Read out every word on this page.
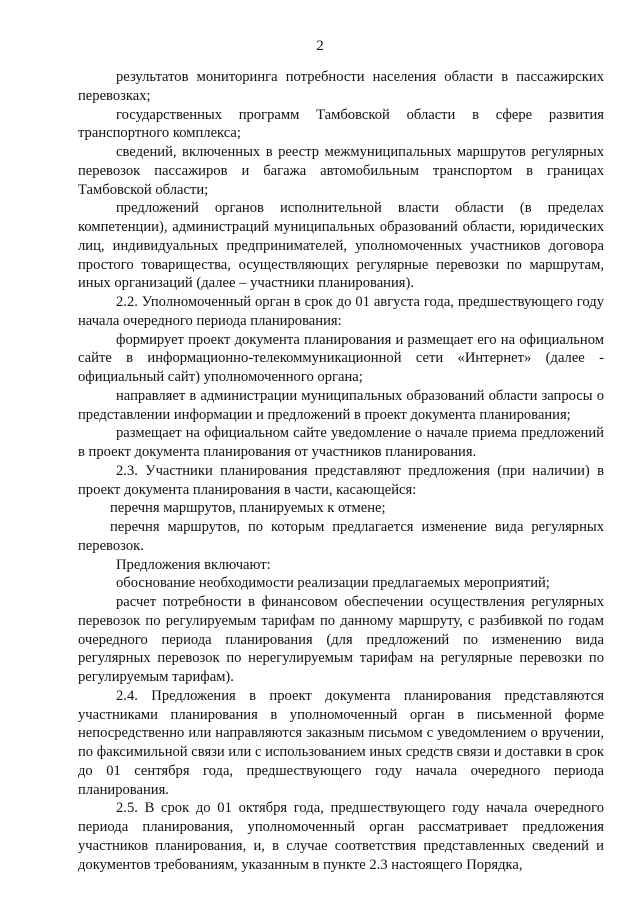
2

результатов мониторинга потребности населения области в пассажирских перевозках;

государственных программ Тамбовской области в сфере развития транспортного комплекса;

сведений, включенных в реестр межмуниципальных маршрутов регулярных перевозок пассажиров и багажа автомобильным транспортом в границах Тамбовской области;

предложений органов исполнительной власти области (в пределах компетенции), администраций муниципальных образований области, юридических лиц, индивидуальных предпринимателей, уполномоченных участников договора простого товарищества, осуществляющих регулярные перевозки по маршрутам, иных организаций (далее – участники планирования).

2.2. Уполномоченный орган в срок до 01 августа года, предшествующего году начала очередного периода планирования:

формирует проект документа планирования и размещает его на официальном сайте в информационно-телекоммуникационной сети «Интернет» (далее - официальный сайт) уполномоченного органа;

направляет в администрации муниципальных образований области запросы о представлении информации и предложений в проект документа планирования;

размещает на официальном сайте уведомление о начале приема предложений в проект документа планирования от участников планирования.

2.3. Участники планирования представляют предложения (при наличии) в проект документа планирования в части, касающейся:

перечня маршрутов, планируемых к отмене;

перечня маршрутов, по которым предлагается изменение вида регулярных перевозок.

Предложения включают:

обоснование необходимости реализации предлагаемых мероприятий;

расчет потребности в финансовом обеспечении осуществления регулярных перевозок по регулируемым тарифам по данному маршруту, с разбивкой по годам очередного периода планирования (для предложений по изменению вида регулярных перевозок по нерегулируемым тарифам на регулярные перевозки по регулируемым тарифам).

2.4. Предложения в проект документа планирования представляются участниками планирования в уполномоченный орган в письменной форме непосредственно или направляются заказным письмом с уведомлением о вручении, по факсимильной связи или с использованием иных средств связи и доставки в срок до 01 сентября года, предшествующего году начала очередного периода планирования.

2.5. В срок до 01 октября года, предшествующего году начала очередного периода планирования, уполномоченный орган рассматривает предложения участников планирования, и, в случае соответствия представленных сведений и документов требованиям, указанным в пункте 2.3 настоящего Порядка,
